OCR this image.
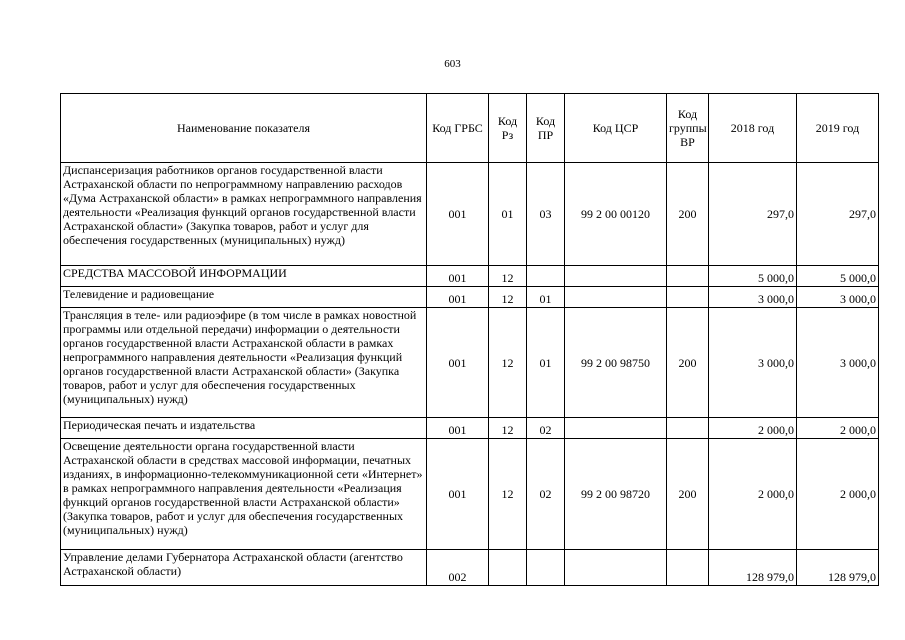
603
Наименование показателя	Код ГРБС	Код Рз	Код ПР	Код ЦСР	Код группы ВР	2018 год	2019 год
Диспансеризация работников органов государственной власти Астраханской области по непрограммному направлению расходов «Дума Астраханской области» в рамках непрограммного направления деятельности «Реализация функций органов государственной власти Астраханской области» (Закупка товаров, работ и услуг для обеспечения государственных (муниципальных) нужд)	001	01	03	99 2 00 00120	200	297,0	297,0
СРЕДСТВА МАССОВОЙ ИНФОРМАЦИИ	001	12				5 000,0	5 000,0
Телевидение и радиовещание	001	12	01			3 000,0	3 000,0
Трансляция в теле- или радиоэфире (в том числе в рамках новостной программы или отдельной передачи) информации о деятельности органов государственной власти Астраханской области в рамках непрограммного направления деятельности «Реализация функций органов государственной власти Астраханской области» (Закупка товаров, работ и услуг для обеспечения государственных (муниципальных) нужд)	001	12	01	99 2 00 98750	200	3 000,0	3 000,0
Периодическая печать и издательства	001	12	02			2 000,0	2 000,0
Освещение деятельности органа государственной власти Астраханской области в средствах массовой информации, печатных изданиях, в информационно-телекоммуникационной сети «Интернет» в рамках непрограммного направления деятельности «Реализация функций органов государственной власти Астраханской области» (Закупка товаров, работ и услуг для обеспечения государственных (муниципальных) нужд)	001	12	02	99 2 00 98720	200	2 000,0	2 000,0
Управление делами Губернатора Астраханской области (агентство Астраханской области)	002					128 979,0	128 979,0
